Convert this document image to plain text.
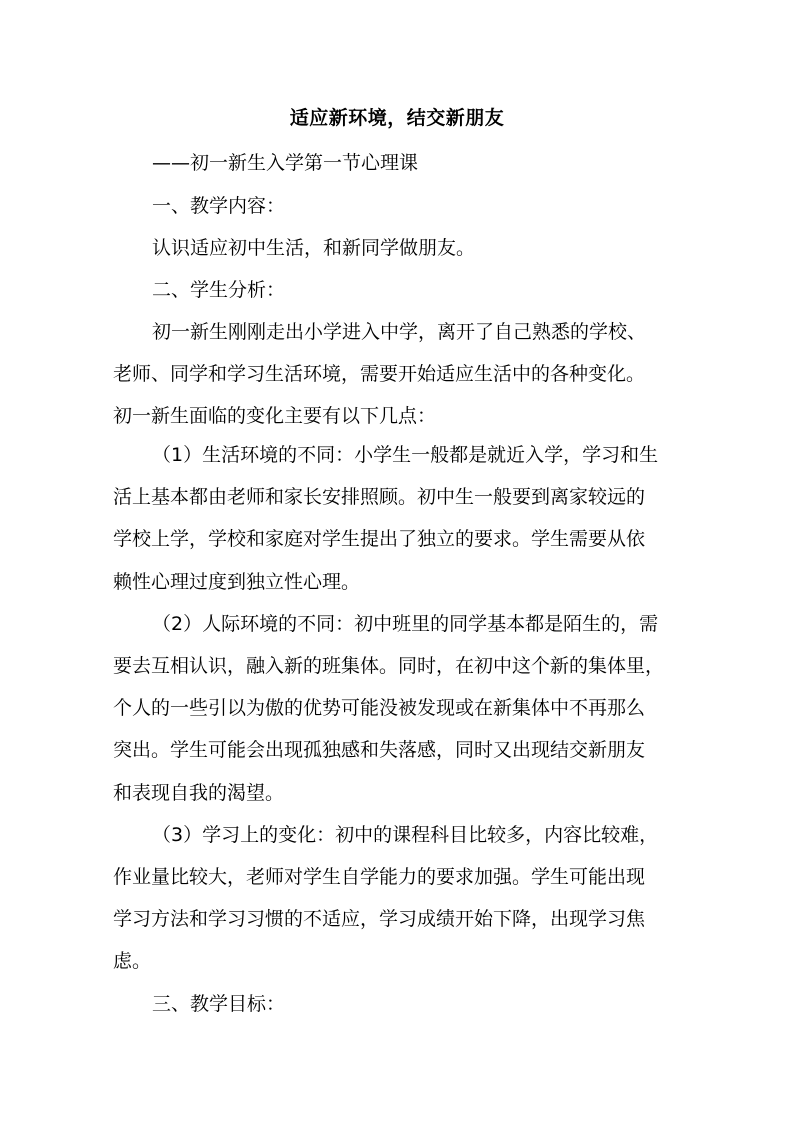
适应新环境，结交新朋友
——初一新生入学第一节心理课
一、教学内容：
认识适应初中生活，和新同学做朋友。
二、学生分析：
初一新生刚刚走出小学进入中学，离开了自己熟悉的学校、
老师、同学和学习生活环境，需要开始适应生活中的各种变化。
初一新生面临的变化主要有以下几点：
（1）生活环境的不同：小学生一般都是就近入学，学习和生
活上基本都由老师和家长安排照顾。初中生一般要到离家较远的
学校上学，学校和家庭对学生提出了独立的要求。学生需要从依
赖性心理过度到独立性心理。
（2）人际环境的不同：初中班里的同学基本都是陌生的，需
要去互相认识，融入新的班集体。同时，在初中这个新的集体里，
个人的一些引以为傲的优势可能没被发现或在新集体中不再那么
突出。学生可能会出现孤独感和失落感，同时又出现结交新朋友
和表现自我的渴望。
（3）学习上的变化：初中的课程科目比较多，内容比较难，
作业量比较大，老师对学生自学能力的要求加强。学生可能出现
学习方法和学习习惯的不适应，学习成绩开始下降，出现学习焦
虑。
三、教学目标：
